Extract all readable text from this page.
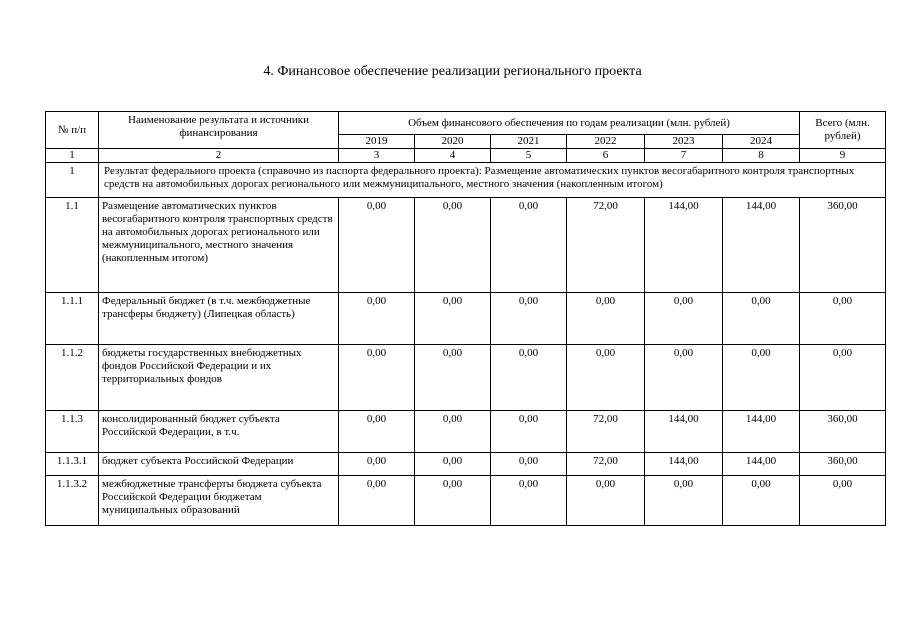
4. Финансовое обеспечение реализации регионального проекта
№ п/п	Наименование результата и источники финансирования	Объем финансового обеспечения по годам реализации (млн. рублей)						Всего (млн. рублей)
		2019	2020	2021	2022	2023	2024	
1	2	3	4	5	6	7	8	9
1	Результат федерального проекта (справочно из паспорта федерального проекта): Размещение автоматических пунктов весогабаритного контроля транспортных средств на автомобильных дорогах регионального или межмуниципального, местного значения (накопленным итогом)							
1.1	Размещение автоматических пунктов весогабаритного контроля транспортных средств на автомобильных дорогах регионального или межмуниципального, местного значения (накопленным итогом)	0,00	0,00	0,00	72,00	144,00	144,00	360,00
1.1.1	Федеральный бюджет (в т.ч. межбюджетные трансферы бюджету) (Липецкая область)	0,00	0,00	0,00	0,00	0,00	0,00	0,00
1.1.2	бюджеты государственных внебюджетных фондов Российской Федерации и их территориальных фондов	0,00	0,00	0,00	0,00	0,00	0,00	0,00
1.1.3	консолидированный бюджет субъекта Российской Федерации, в т.ч.	0,00	0,00	0,00	72,00	144,00	144,00	360,00
1.1.3.1	бюджет субъекта Российской Федерации	0,00	0,00	0,00	72,00	144,00	144,00	360,00
1.1.3.2	межбюджетные трансферты бюджета субъекта Российской Федерации бюджетам муниципальных образований	0,00	0,00	0,00	0,00	0,00	0,00	0,00
